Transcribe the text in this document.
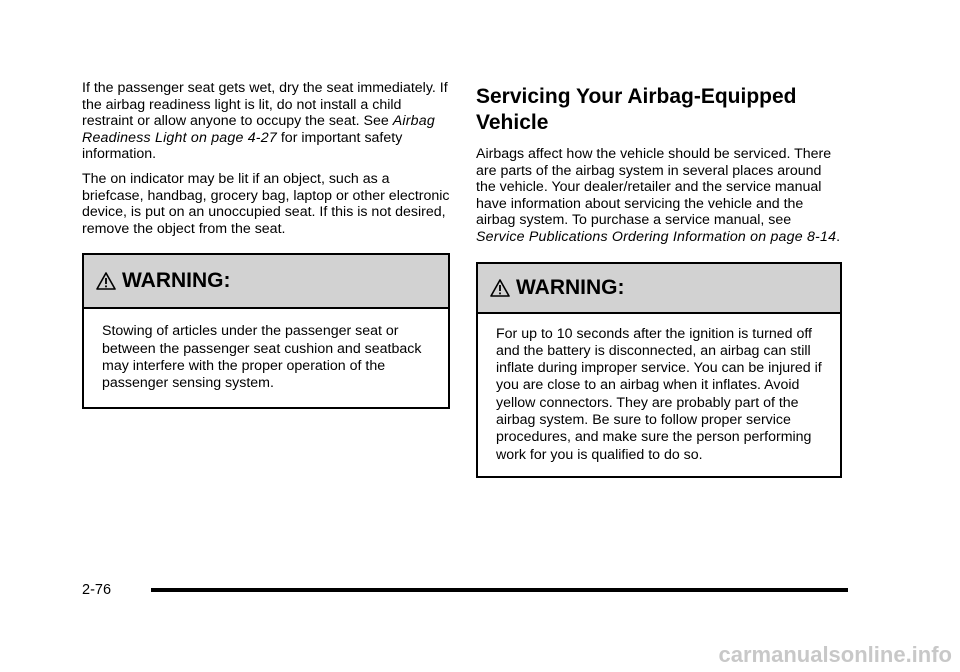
If the passenger seat gets wet, dry the seat immediately. If the airbag readiness light is lit, do not install a child restraint or allow anyone to occupy the seat. See Airbag Readiness Light on page 4-27 for important safety information.

The on indicator may be lit if an object, such as a briefcase, handbag, grocery bag, laptop or other electronic device, is put on an unoccupied seat. If this is not desired, remove the object from the seat.

WARNING:

Stowing of articles under the passenger seat or between the passenger seat cushion and seatback may interfere with the proper operation of the passenger sensing system.

Servicing Your Airbag-Equipped Vehicle

Airbags affect how the vehicle should be serviced. There are parts of the airbag system in several places around the vehicle. Your dealer/retailer and the service manual have information about servicing the vehicle and the airbag system. To purchase a service manual, see Service Publications Ordering Information on page 8-14.

WARNING:

For up to 10 seconds after the ignition is turned off and the battery is disconnected, an airbag can still inflate during improper service. You can be injured if you are close to an airbag when it inflates. Avoid yellow connectors. They are probably part of the airbag system. Be sure to follow proper service procedures, and make sure the person performing work for you is qualified to do so.

2-76
carmanualsonline.info
